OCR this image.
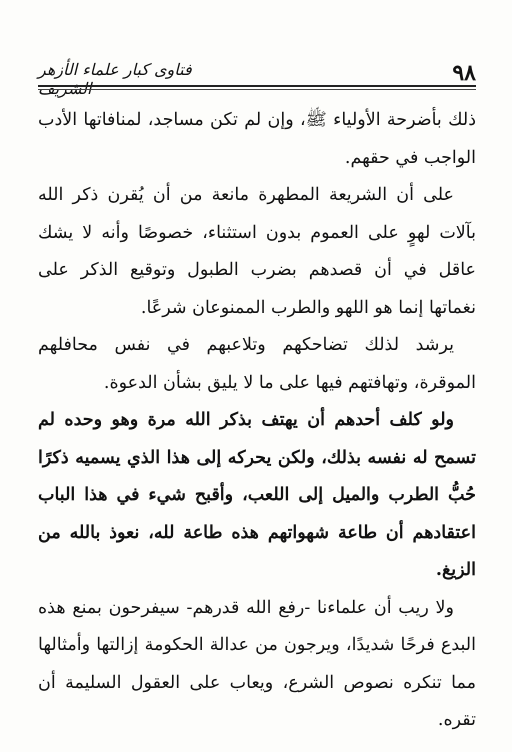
فتاوى كبار علماء الأزهر الشريف
٩٨

ذلك بأضرحة الأولياء ﷺ، وإن لم تكن مساجد، لمنافاتها الأدب الواجب في حقهم.

على أن الشريعة المطهرة مانعة من أن يُقرن ذكر الله بآلات لهوٍ على العموم بدون استثناء، خصوصًا وأنه لا يشك عاقل في أن قصدهم بضرب الطبول وتوقيع الذكر على نغماتها إنما هو اللهو والطرب الممنوعان شرعًا.

يرشد لذلك تضاحكهم وتلاعبهم في نفس محافلهم الموقرة، وتهافتهم فيها على ما لا يليق بشأن الدعوة.

ولو كلف أحدهم أن يهتف بذكر الله مرة وهو وحده لم تسمح له نفسه بذلك، ولكن يحركه إلى هذا الذي يسميه ذكرًا حُبُّ الطرب والميل إلى اللعب، وأقبح شيء في هذا الباب اعتقادهم أن طاعة شهواتهم هذه طاعة لله، نعوذ بالله من الزيغ.

ولا ريب أن علماءنا -رفع الله قدرهم- سيفرحون بمنع هذه البدع فرحًا شديدًا، ويرجون من عدالة الحكومة إزالتها وأمثالها مما تنكره نصوص الشرع، ويعاب على العقول السليمة أن تقره.
